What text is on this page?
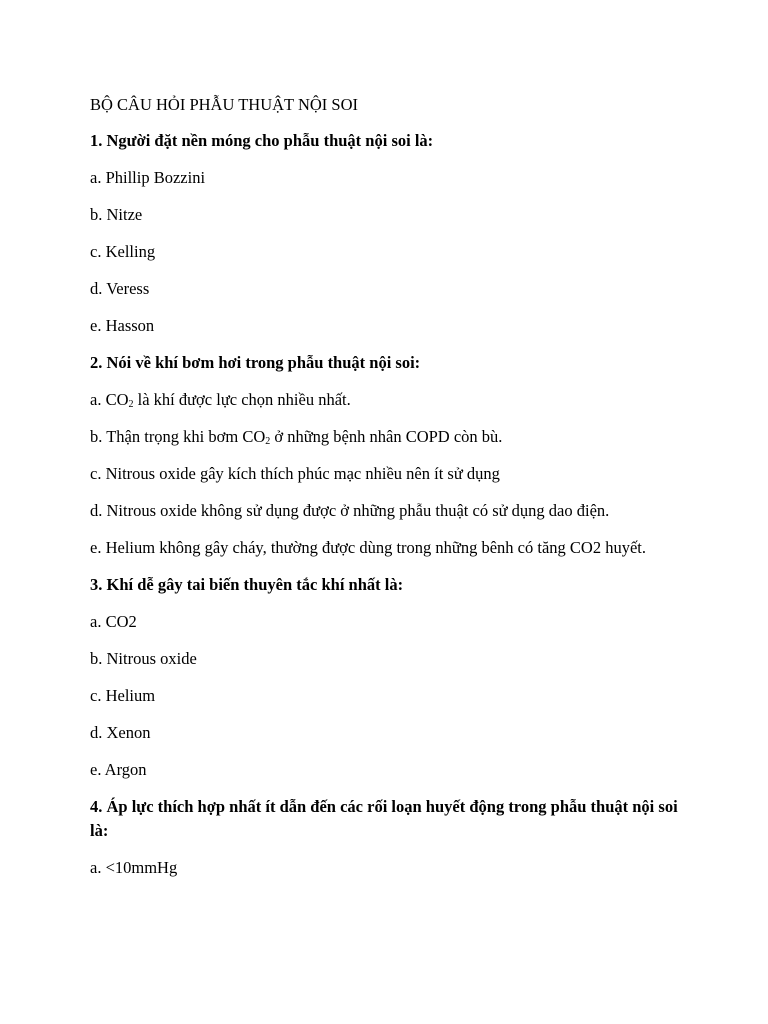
BỘ CÂU HỎI PHẪU THUẬT NỘI SOI

1. Người đặt nền móng cho phẫu thuật nội soi là:

a. Phillip Bozzini

b. Nitze

c. Kelling

d. Veress

e. Hasson

2. Nói về khí bơm hơi trong phẫu thuật nội soi:

a. $CO_2$ là khí được lực chọn nhiều nhất.

b. Thận trọng khi bơm $CO_2$ ở những bệnh nhân COPD còn bù.

c. Nitrous oxide gây kích thích phúc mạc nhiều nên ít sử dụng

d. Nitrous oxide không sử dụng được ở những phẫu thuật có sử dụng dao điện.

e. Helium không gây cháy, thường được dùng trong những bênh có tăng CO2 huyết.

3. Khí dễ gây tai biến thuyên tắc khí nhất là:

a. CO2

b. Nitrous oxide

c. Helium

d. Xenon

e. Argon

4. Áp lực thích hợp nhất ít dẫn đến các rối loạn huyết động trong phẫu thuật nội soi là:

a. <10mmHg
